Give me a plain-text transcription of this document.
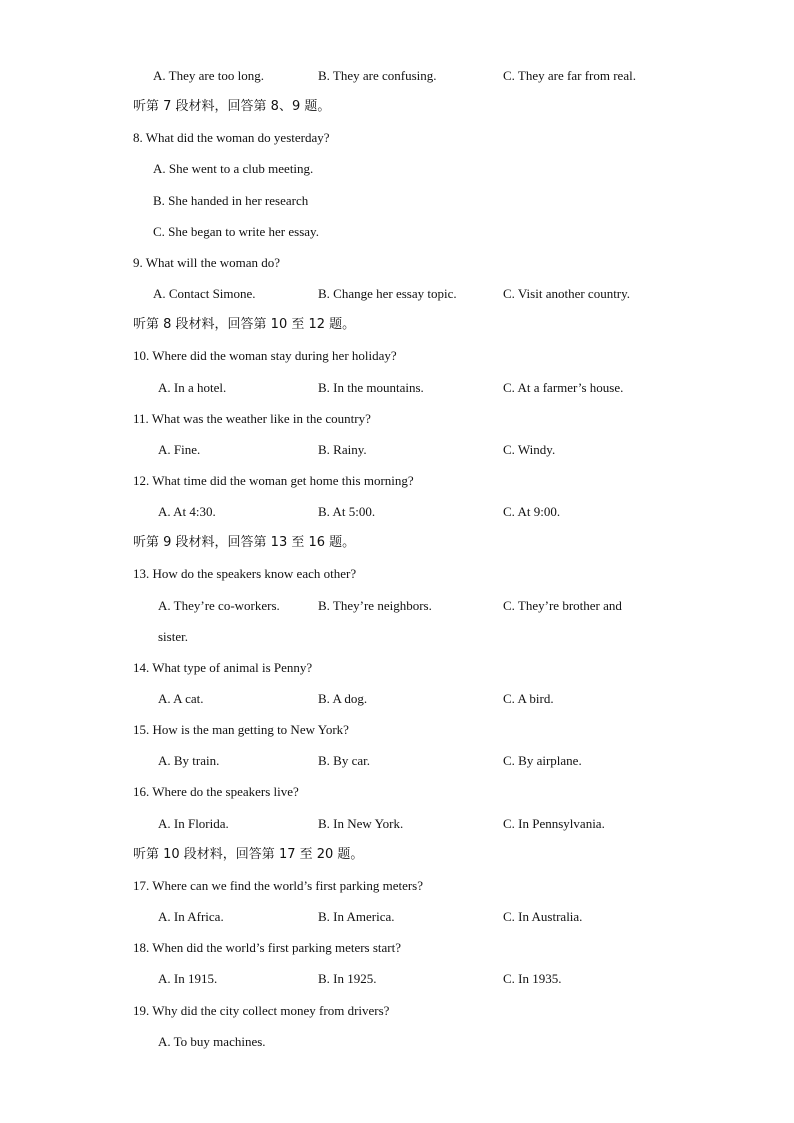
A. They are too long.	B. They are confusing.	C. They are far from real.
听第 7 段材料，回答第 8、9 题。
8. What did the woman do yesterday?
A. She went to a club meeting.
B. She handed in her research
C. She began to write her essay.
9. What will the woman do?
A. Contact Simone.	B. Change her essay topic.	C. Visit another country.
听第 8 段材料，回答第 10 至 12 题。
10. Where did the woman stay during her holiday?
A. In a hotel.	B. In the mountains.	C. At a farmer’s house.
11. What was the weather like in the country?
A. Fine.	B. Rainy.	C. Windy.
12. What time did the woman get home this morning?
A. At 4:30.	B. At 5:00.	C. At 9:00.
听第 9 段材料，回答第 13 至 16 题。
13. How do the speakers know each other?
A. They’re co-workers.	B. They’re neighbors.	C. They’re brother and
sister.
14. What type of animal is Penny?
A. A cat.	B. A dog.	C. A bird.
15. How is the man getting to New York?
A. By train.	B. By car.	C. By airplane.
16. Where do the speakers live?
A. In Florida.	B. In New York.	C. In Pennsylvania.
听第 10 段材料，回答第 17 至 20 题。
17. Where can we find the world’s first parking meters?
A. In Africa.	B. In America.	C. In Australia.
18. When did the world’s first parking meters start?
A. In 1915.	B. In 1925.	C. In 1935.
19. Why did the city collect money from drivers?
A. To buy machines.
